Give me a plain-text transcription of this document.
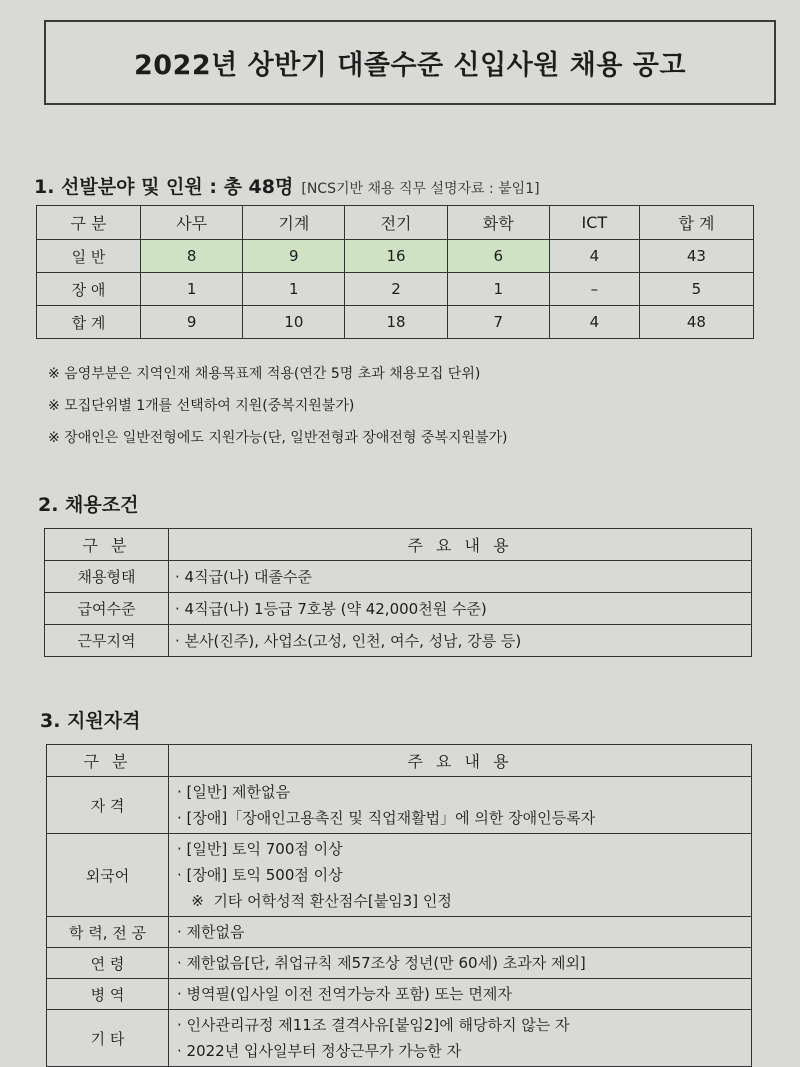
2022년 상반기 대졸수준 신입사원 채용 공고
1. 선발분야 및 인원 : 총 48명 [NCS기반 채용 직무 설명자료 : 붙임1]
구 분	사무	기계	전기	화학	ICT	합 계
일 반	8	9	16	6	4	43
장 애	1	1	2	1	–	5
합 계	9	10	18	7	4	48
※ 음영부분은 지역인재 채용목표제 적용(연간 5명 초과 채용모집 단위)
※ 모집단위별 1개를 선택하여 지원(중복지원불가)
※ 장애인은 일반전형에도 지원가능(단, 일반전형과 장애전형 중복지원불가)
2. 채용조건
구 분	주 요 내 용
채용형태	· 4직급(나) 대졸수준
급여수준	· 4직급(나) 1등급 7호봉 (약 42,000천원 수준)
근무지역	· 본사(진주), 사업소(고성, 인천, 여수, 성남, 강릉 등)
3. 지원자격
구 분	주 요 내 용
자 격	· [일반] 제한없음
· [장애]「장애인고용촉진 및 직업재활법」에 의한 장애인등록자

외국어	· [일반] 토익 700점 이상
· [장애] 토익 500점 이상
※  기타 어학성적 환산점수[붙임3] 인정

학 력, 전 공	· 제한없음

연 령	· 제한없음[단, 취업규칙 제57조상 정년(만 60세) 초과자 제외]

병 역	· 병역필(입사일 이전 전역가능자 포함) 또는 면제자

기 타	· 인사관리규정 제11조 결격사유[붙임2]에 해당하지 않는 자
· 2022년 입사일부터 정상근무가 가능한 자
